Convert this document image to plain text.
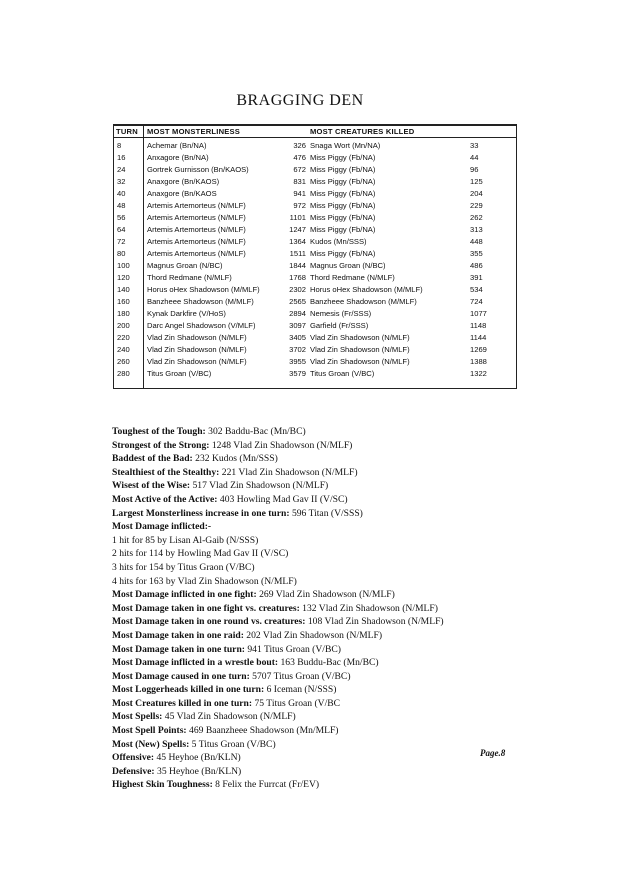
BRAGGING DEN
TURN MOST MONSTERLINESS	MOST CREATURES KILLED
8	Achemar (Bn/NA)	326 Snaga Wort (Mn/NA)	33
16	Anxagore (Bn/NA)	476 Miss Piggy (Fb/NA)	44
24	Gortrek Gurnisson (Bn/KAOS)	672 Miss Piggy (Fb/NA)	96
32	Anaxgore (Bn/KAOS)	831 Miss Piggy (Fb/NA)	125
40	Anaxgore (Bn/KAOS	941 Miss Piggy (Fb/NA)	204
48	Artemis Artemorteus (N/MLF)	972 Miss Piggy (Fb/NA)	229
56	Artemis Artemorteus (N/MLF)	1101 Miss Piggy (Fb/NA)	262
64	Artemis Artemorteus (N/MLF)	1247 Miss Piggy (Fb/NA)	313
72	Artemis Artemorteus (N/MLF)	1364 Kudos (Mn/SSS)	448
80	Artemis Artemorteus (N/MLF)	1511 Miss Piggy (Fb/NA)	355
100 Magnus Groan (N/BC)	1844 Magnus Groan (N/BC)	486
120 Thord Redmane (N/MLF)	1768 Thord Redmane (N/MLF)	391
140 Horus oHex Shadowson (M/MLF)	2302 Horus oHex Shadowson (M/MLF)	534
160 Banzheee Shadowson (M/MLF)	2565 Banzheee Shadowson (M/MLF)	724
180 Kynak Darkfire (V/HoS)	2894 Nemesis (Fr/SSS)	1077
200 Darc Angel Shadowson (V/MLF)	3097 Garfield (Fr/SSS)	1148
220 Vlad Zin Shadowson (N/MLF)	3405 Vlad Zin Shadowson (N/MLF)	1144
240 Vlad Zin Shadowson (N/MLF)	3702 Vlad Zin Shadowson (N/MLF)	1269
260 Vlad Zin Shadowson (N/MLF)	3955 Vlad Zin Shadowson (N/MLF)	1388
280 Titus Groan (V/BC)	3579 Titus Groan (V/BC)	1322
Toughest of the Tough: 302 Baddu-Bac (Mn/BC)
Strongest of the Strong: 1248 Vlad Zin Shadowson (N/MLF)
Baddest of the Bad: 232 Kudos (Mn/SSS)
Stealthiest of the Stealthy: 221 Vlad Zin Shadowson (N/MLF)
Wisest of the Wise: 517 Vlad Zin Shadowson (N/MLF)
Most Active of the Active: 403 Howling Mad Gav II (V/SC)
Largest Monsterliness increase in one turn: 596 Titan (V/SSS)
Most Damage inflicted:-
1 hit for 85 by Lisan Al-Gaib (N/SSS)
2 hits for 114 by Howling Mad Gav II (V/SC)
3 hits for 154 by Titus Graon (V/BC)
4 hits for 163 by Vlad Zin Shadowson (N/MLF)
Most Damage inflicted in one fight: 269 Vlad Zin Shadowson (N/MLF)
Most Damage taken in one fight vs. creatures: 132 Vlad Zin Shadowson (N/MLF)
Most Damage taken in one round vs. creatures: 108 Vlad Zin Shadowson (N/MLF)
Most Damage taken in one raid: 202 Vlad Zin Shadowson (N/MLF)
Most Damage taken in one turn: 941 Titus Groan (V/BC)
Most Damage inflicted in a wrestle bout: 163 Buddu-Bac (Mn/BC)
Most Damage caused in one turn: 5707 Titus Groan (V/BC)
Most Loggerheads killed in one turn: 6 Iceman (N/SSS)
Most Creatures killed in one turn: 75 Titus Groan (V/BC
Most Spells: 45 Vlad Zin Shadowson (N/MLF)
Most Spell Points: 469 Baanzheee Shadowson (Mn/MLF)
Most (New) Spells: 5 Titus Groan (V/BC)
Offensive: 45 Heyhoe (Bn/KLN)
Defensive: 35 Heyhoe (Bn/KLN)
Highest Skin Toughness: 8 Felix the Furrcat (Fr/EV)
Page.8
